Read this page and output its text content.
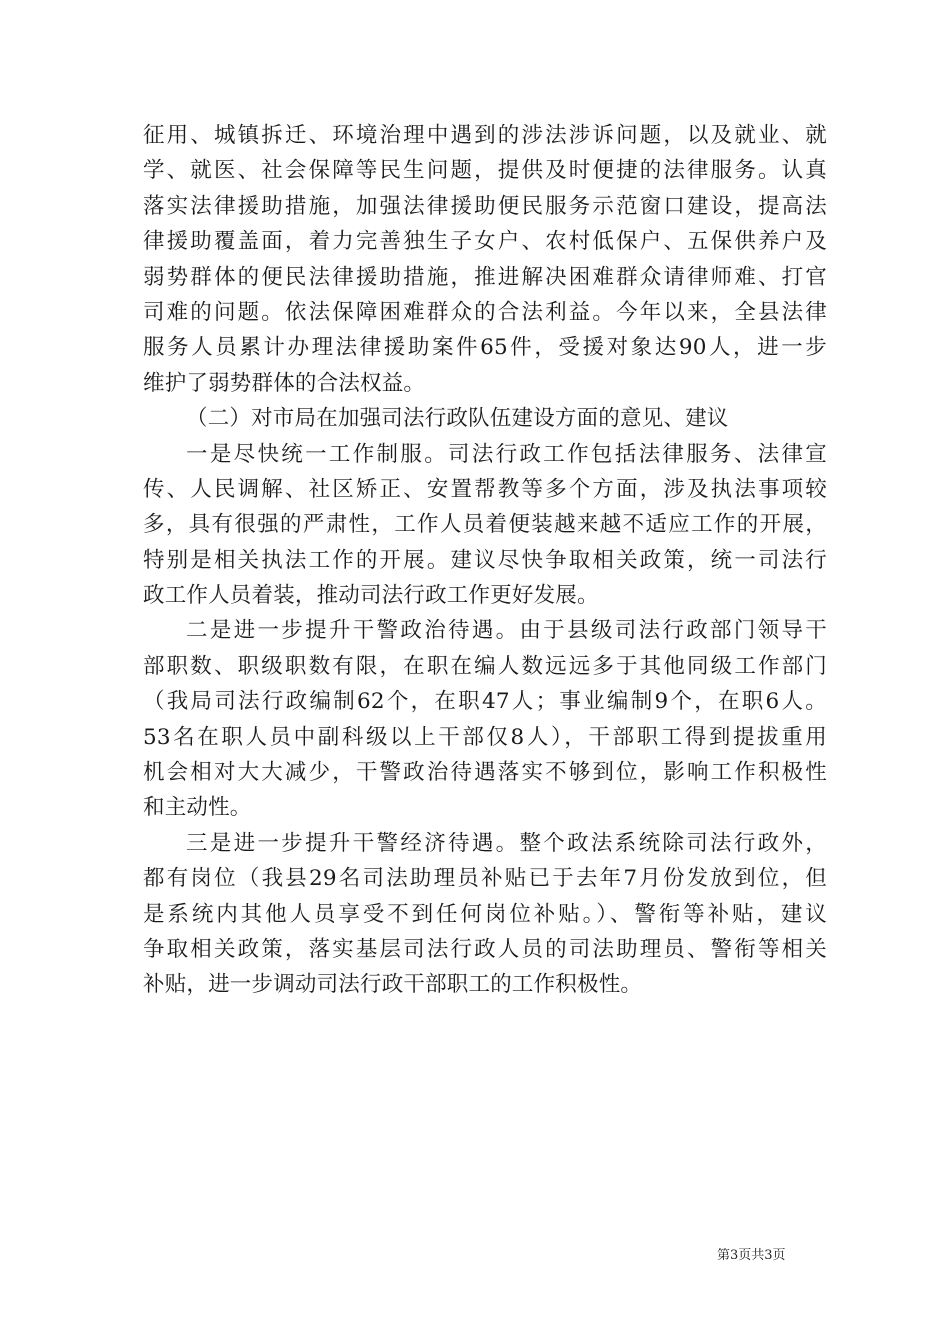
征用、城镇拆迁、环境治理中遇到的涉法涉诉问题，以及就业、就
学、就医、社会保障等民生问题，提供及时便捷的法律服务。认真
落实法律援助措施，加强法律援助便民服务示范窗口建设，提高法
律援助覆盖面，着力完善独生子女户、农村低保户、五保供养户及
弱势群体的便民法律援助措施，推进解决困难群众请律师难、打官
司难的问题。依法保障困难群众的合法利益。今年以来，全县法律
服务人员累计办理法律援助案件65件，受援对象达90人，进一步
维护了弱势群体的合法权益。
（二）对市局在加强司法行政队伍建设方面的意见、建议
一是尽快统一工作制服。司法行政工作包括法律服务、法律宣
传、人民调解、社区矫正、安置帮教等多个方面，涉及执法事项较
多，具有很强的严肃性，工作人员着便装越来越不适应工作的开展，
特别是相关执法工作的开展。建议尽快争取相关政策，统一司法行
政工作人员着装，推动司法行政工作更好发展。
二是进一步提升干警政治待遇。由于县级司法行政部门领导干
部职数、职级职数有限，在职在编人数远远多于其他同级工作部门
（我局司法行政编制62个，在职47人；事业编制9个，在职6人。
53名在职人员中副科级以上干部仅8人），干部职工得到提拔重用
机会相对大大减少，干警政治待遇落实不够到位，影响工作积极性
和主动性。
三是进一步提升干警经济待遇。整个政法系统除司法行政外，
都有岗位（我县29名司法助理员补贴已于去年7月份发放到位，但
是系统内其他人员享受不到任何岗位补贴。）、警衔等补贴，建议
争取相关政策，落实基层司法行政人员的司法助理员、警衔等相关
补贴，进一步调动司法行政干部职工的工作积极性。
第3页共3页
